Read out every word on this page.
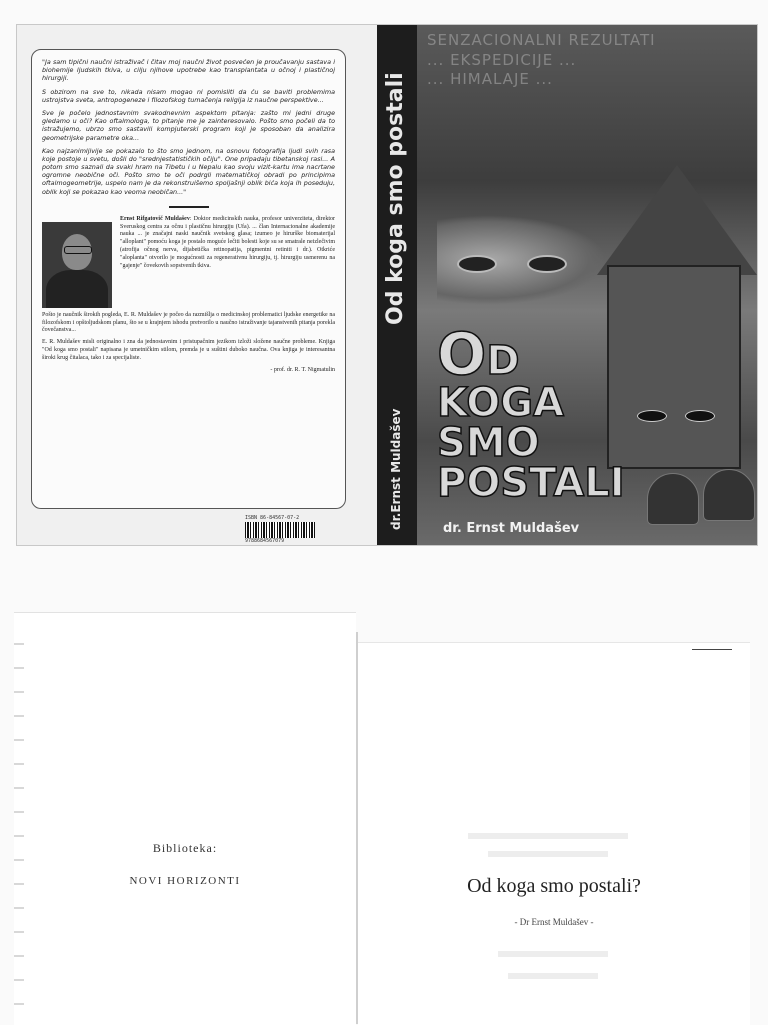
"Ja sam tipični naučni istraživač i čitav moj naučni život posvećen je proučavanju sastava i biohemije ljudskih tkiva, u cilju njihove upotrebe kao transplantata u očnoj i plastičnoj hirurgiji.

S obzirom na sve to, nikada nisam mogao ni pomisliti da ću se baviti problemima ustrojstva sveta, antropogeneze i filozofskog tumačenja religija iz naučne perspektive...

Sve je počelo jednostavnim svakodnevnim aspektom pitanja: zašto mi jedni druge gledamo u oči? Kao oftalmologa, to pitanje me je zainteresovalo. Pošto smo počeli da to istražujemo, ubrzo smo sastavili kompjuterski program koji je sposoban da analizira geometrijske parametre oka...

Kao najzanimljivije se pokazalo to što smo jednom, na osnovu fotografija ljudi svih rasa koje postoje u svetu, došli do "srednjestatističkih očiju". One pripadaju tibetanskoj rasi... A potom smo saznali da svaki hram na Tibetu i u Nepalu kao svoju vizit-kartu ima nacrtane ogromne neobične oči. Pošto smo te oči podrgli matematičkoj obradi po principima oftalmogeometrije, uspelo nam je da rekonstruišemo spoljašnji oblik bića koja ih poseduju, oblik koji se pokazao kao veoma neobičan..."

Ernst Rifgatovič Muldašev: Doktor medicinskih nauka, profesor univerziteta, direktor Sveruskog centra za očnu i plastičnu hirurgiju (Ufa). ... član Internacionalne akademije nauka ... je značajni naski naučnik svetskog glasa; izumeo je hirurške biomaterijal "alloplant" pomoću koga je postalo moguće lečiti bolesti koje su se smatrale neizlečivim (atrofija očnog nerva, dijabetička retinopatija, pigmentni retiniti i dr.). Otkriće "aloplanta" otvorilo je mogućnosti za regenerativnu hirurgiju, tj. hirurgiju usmerenu na "gajenje" čovekovih sopstvenih tkiva.

Pošto je naučnik širokih pogleda, E. R. Muldašev je počeo da razmišlja o medicinskoj problematici ljudske energetike na filozofskom i opštoljudskom planu, što se u krajnjem ishodu pretvorilo u naučno istraživanje tajanstvenih pitanja porekla čovečanstva...

E. R. Muldašev misli originalno i zna da jednostavnim i pristupačnim jezikom izloži složene naučne probleme. Knjiga "Od koga smo postali" napisana je umetničkim stilom, premda je u suštini duboko naučna. Ova knjiga je interesantna široki krug čitalaca, tako i za specijaliste.

- prof. dr. R. T. Nigmatulin
ISBN 86-84567-07-2
9788684567079
Od koga smo postali
dr.Ernst Muldašev
SENZACIONALNI REZULTATI
... EKSPEDICIJE ...
... HIMALAJE ...
OD
KOGA
SMO
POSTALI
dr. Ernst Muldašev
Biblioteka:
NOVI HORIZONTI	Od koga smo postali?
- Dr Ernst Muldašev -
